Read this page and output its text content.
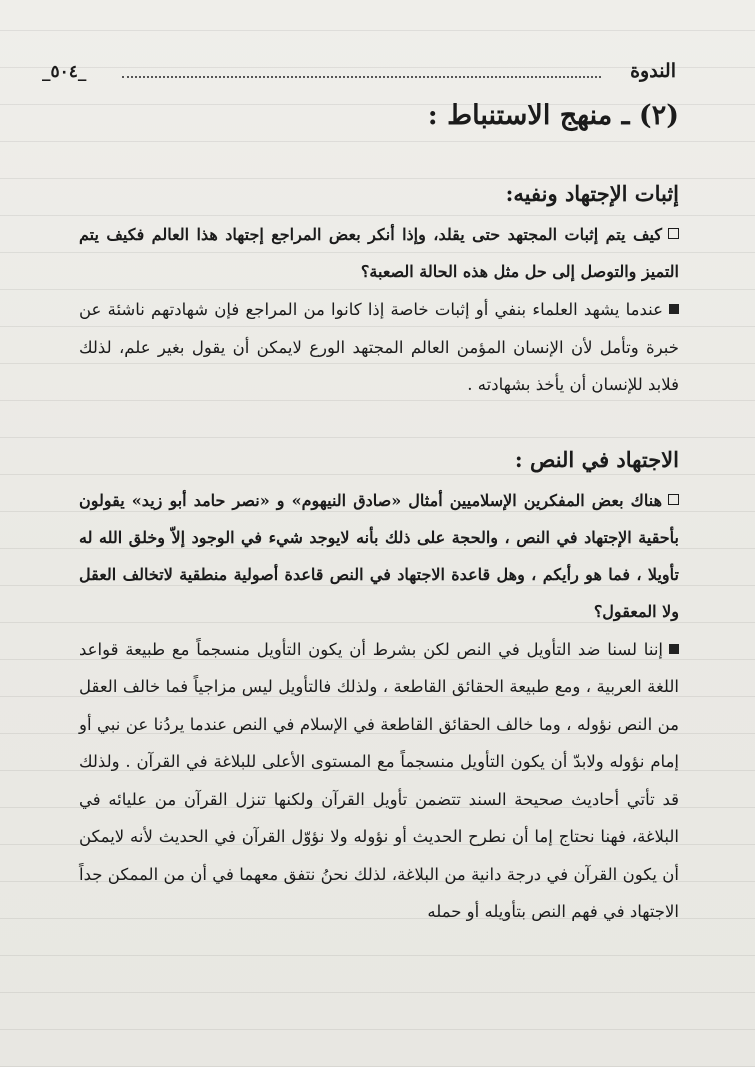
_٥٠٤_	الندوة
(٢) ـ منهج الاستنباط :
إثبات الإجتهاد ونفيه:

كيف يتم إثبات المجتهد حتى يقلد، وإذا أنكر بعض المراجع إجتهاد هذا العالم فكيف يتم التميز والتوصل إلى حل مثل هذه الحالة الصعبة؟

عندما يشهد العلماء بنفي أو إثبات خاصة إذا كانوا من المراجع فإن شهادتهم ناشئة عن خبرة وتأمل لأن الإنسان المؤمن العالم المجتهد الورع لايمكن أن يقول بغير علم، لذلك فلابد للإنسان أن يأخذ بشهادته .

الاجتهاد في النص :

هناك بعض المفكرين الإسلاميين أمثال «صادق النيهوم» و «نصر حامد أبو زيد» يقولون بأحقية الإجتهاد في النص ، والحجة على ذلك بأنه لايوجد شيء في الوجود إلاّ وخلق الله له تأويلا ، فما هو رأيكم ، وهل قاعدة الاجتهاد في النص قاعدة أصولية منطقية لاتخالف العقل ولا المعقول؟

إننا لسنا ضد التأويل في النص لكن بشرط أن يكون التأويل منسجماً مع طبيعة قواعد اللغة العربية ، ومع طبيعة الحقائق القاطعة ، ولذلك فالتأويل ليس مزاجياً فما خالف العقل من النص نؤوله ، وما خالف الحقائق القاطعة في الإسلام في النص عندما يردُنا عن نبي أو إمام نؤوله ولابدّ أن يكون التأويل منسجماً مع المستوى الأعلى للبلاغة في القرآن . ولذلك قد تأتي أحاديث صحيحة السند تتضمن تأويل القرآن ولكنها تنزل القرآن من عليائه في البلاغة، فهنا نحتاج إما أن نطرح الحديث أو نؤوله ولا نؤوّل القرآن في الحديث لأنه لايمكن أن يكون القرآن في درجة دانية من البلاغة، لذلك نحنُ نتفق معهما في أن من الممكن جداً الاجتهاد في فهم النص بتأويله أو حمله
